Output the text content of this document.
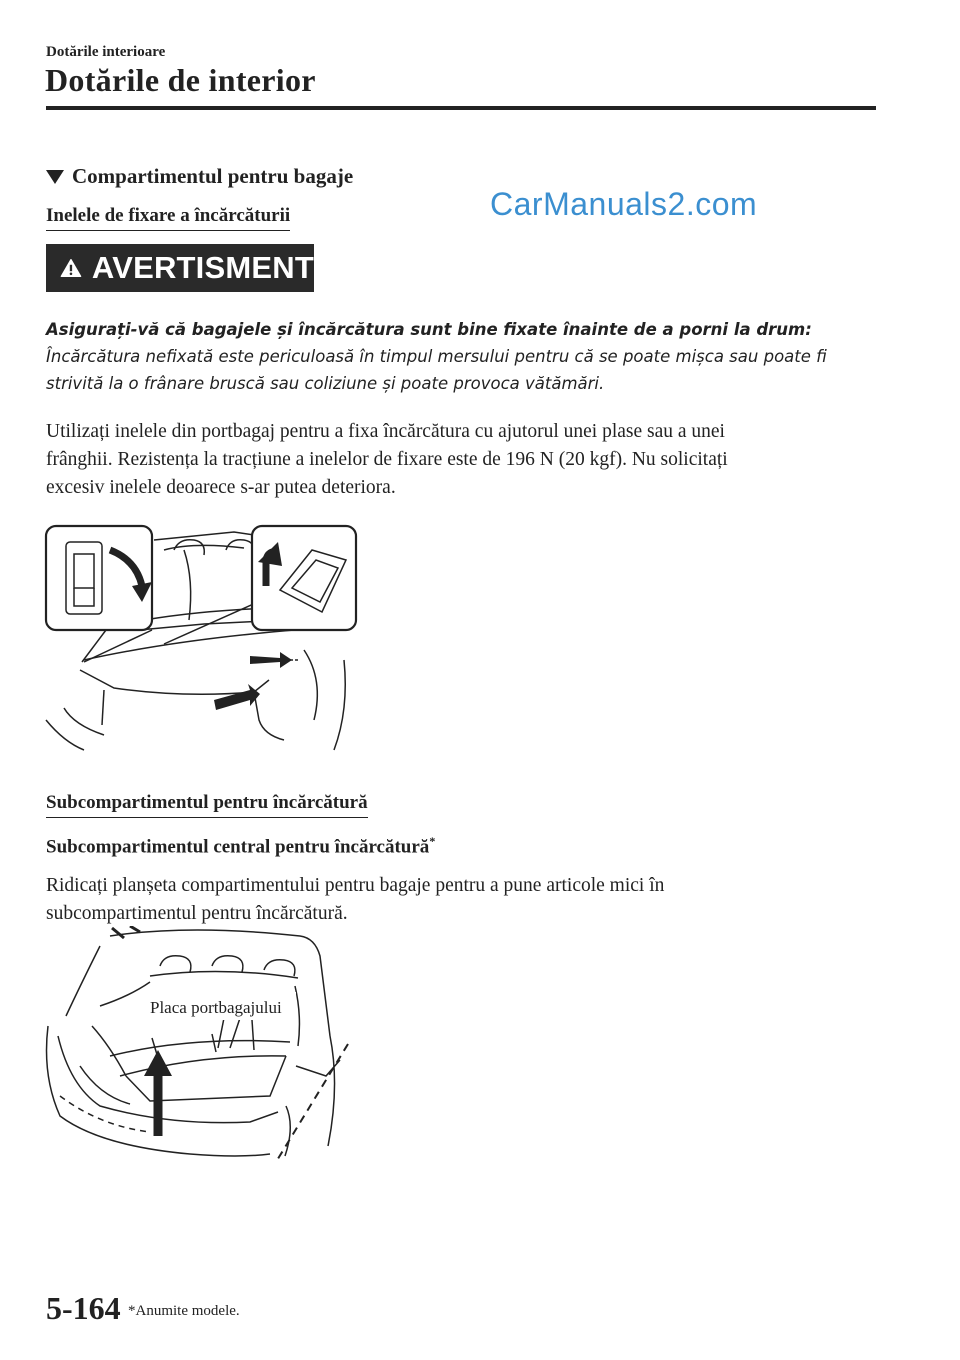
Dotările interioare
Dotările de interior
Compartimentul pentru bagaje
Inelele de fixare a încărcăturii	CarManuals2.com
AVERTISMENT
Asigurați-vă că bagajele și încărcătura sunt bine fixate înainte de a porni la drum:
Încărcătura nefixată este periculoasă în timpul mersului pentru că se poate mișca sau poate fi
strivită la o frânare bruscă sau coliziune și poate provoca vătămări.
Utilizați inelele din portbagaj pentru a fixa încărcătura cu ajutorul unei plase sau a unei
frânghii. Rezistența la tracțiune a inelelor de fixare este de 196 N (20 kgf). Nu solicitați
excesiv inelele deoarece s-ar putea deteriora.
Subcompartimentul pentru încărcătură
Subcompartimentul central pentru încărcătură*
Ridicați planșeta compartimentului pentru bagaje pentru a pune articole mici în
subcompartimentul pentru încărcătură.
Placa portbagajului
5-164 *Anumite modele.
